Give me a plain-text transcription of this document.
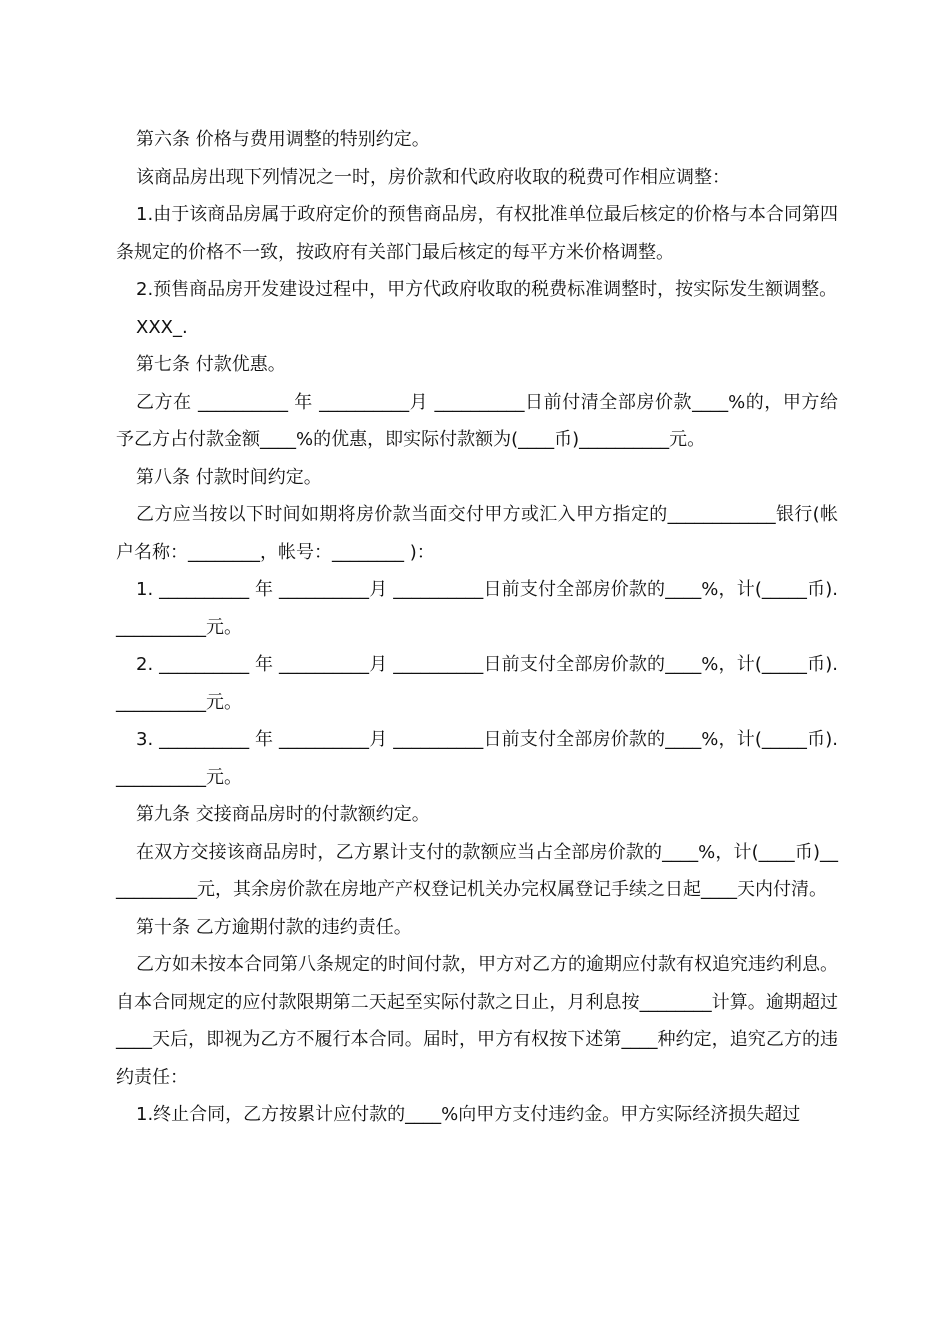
第六条 价格与费用调整的特别约定。

该商品房出现下列情况之一时，房价款和代政府收取的税费可作相应调整：

1.由于该商品房属于政府定价的预售商品房，有权批准单位最后核定的价格与本合同第四条规定的价格不一致，按政府有关部门最后核定的每平方米价格调整。

2.预售商品房开发建设过程中，甲方代政府收取的税费标准调整时，按实际发生额调整。

XXX_.

第七条 付款优惠。

乙方在 __________ 年 __________月 __________日前付清全部房价款____%的，甲方给予乙方占付款金额____%的优惠，即实际付款额为(____币)__________元。

第八条 付款时间约定。

乙方应当按以下时间如期将房价款当面交付甲方或汇入甲方指定的____________银行(帐户名称：________，帐号：________ )：

1. __________ 年 __________月 __________日前支付全部房价款的____%，计(_____币). __________元。

2. __________ 年 __________月 __________日前支付全部房价款的____%，计(_____币). __________元。

3. __________ 年 __________月 __________日前支付全部房价款的____%，计(_____币). __________元。

第九条 交接商品房时的付款额约定。

在双方交接该商品房时，乙方累计支付的款额应当占全部房价款的____%，计(____币)___________元，其余房价款在房地产产权登记机关办完权属登记手续之日起____天内付清。

第十条 乙方逾期付款的违约责任。

乙方如未按本合同第八条规定的时间付款，甲方对乙方的逾期应付款有权追究违约利息。自本合同规定的应付款限期第二天起至实际付款之日止，月利息按________计算。逾期超过____天后，即视为乙方不履行本合同。届时，甲方有权按下述第____种约定，追究乙方的违约责任：

1.终止合同，乙方按累计应付款的____%向甲方支付违约金。甲方实际经济损失超过
